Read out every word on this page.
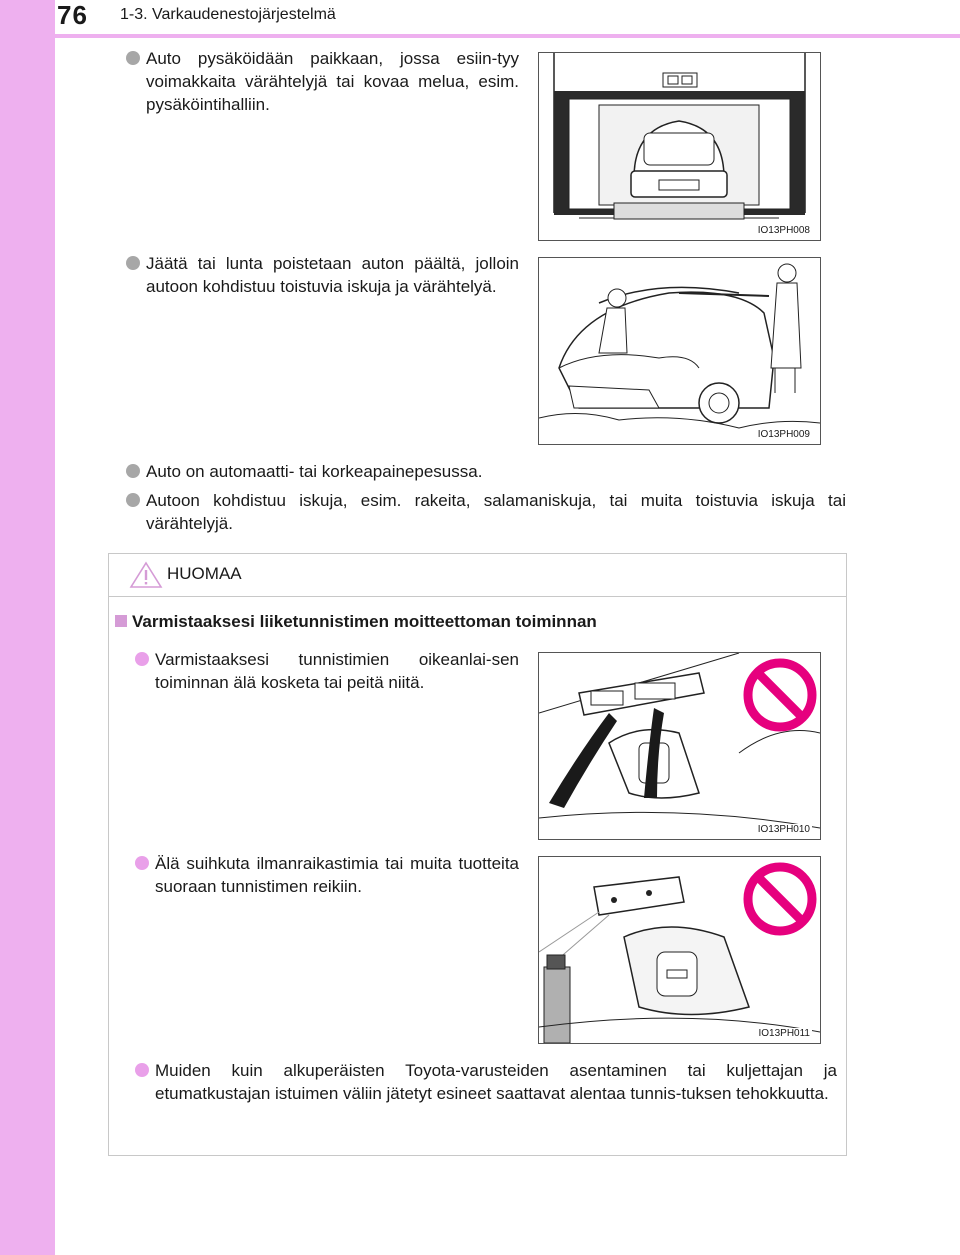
76 1-3. Varkaudenestojärjestelmä
Auto pysäköidään paikkaan, jossa esiin-tyy voimakkaita värähtelyjä tai kovaa melua, esim. pysäköintihalliin.
IO13PH008
Jäätä tai lunta poistetaan auton päältä, jolloin autoon kohdistuu toistuvia iskuja ja värähtelyä.
IO13PH009
Auto on automaatti- tai korkeapainepesussa.
Autoon kohdistuu iskuja, esim. rakeita, salamaniskuja, tai muita toistuvia iskuja tai värähtelyjä.
HUOMAA
Varmistaaksesi liiketunnistimen moitteettoman toiminnan
Varmistaaksesi tunnistimien oikeanlai-sen toiminnan älä kosketa tai peitä niitä.
IO13PH010
Älä suihkuta ilmanraikastimia tai muita tuotteita suoraan tunnistimen reikiin.
IO13PH011
Muiden kuin alkuperäisten Toyota-varusteiden asentaminen tai kuljettajan ja etumatkustajan istuimen väliin jätetyt esineet saattavat alentaa tunnis-tuksen tehokkuutta.
